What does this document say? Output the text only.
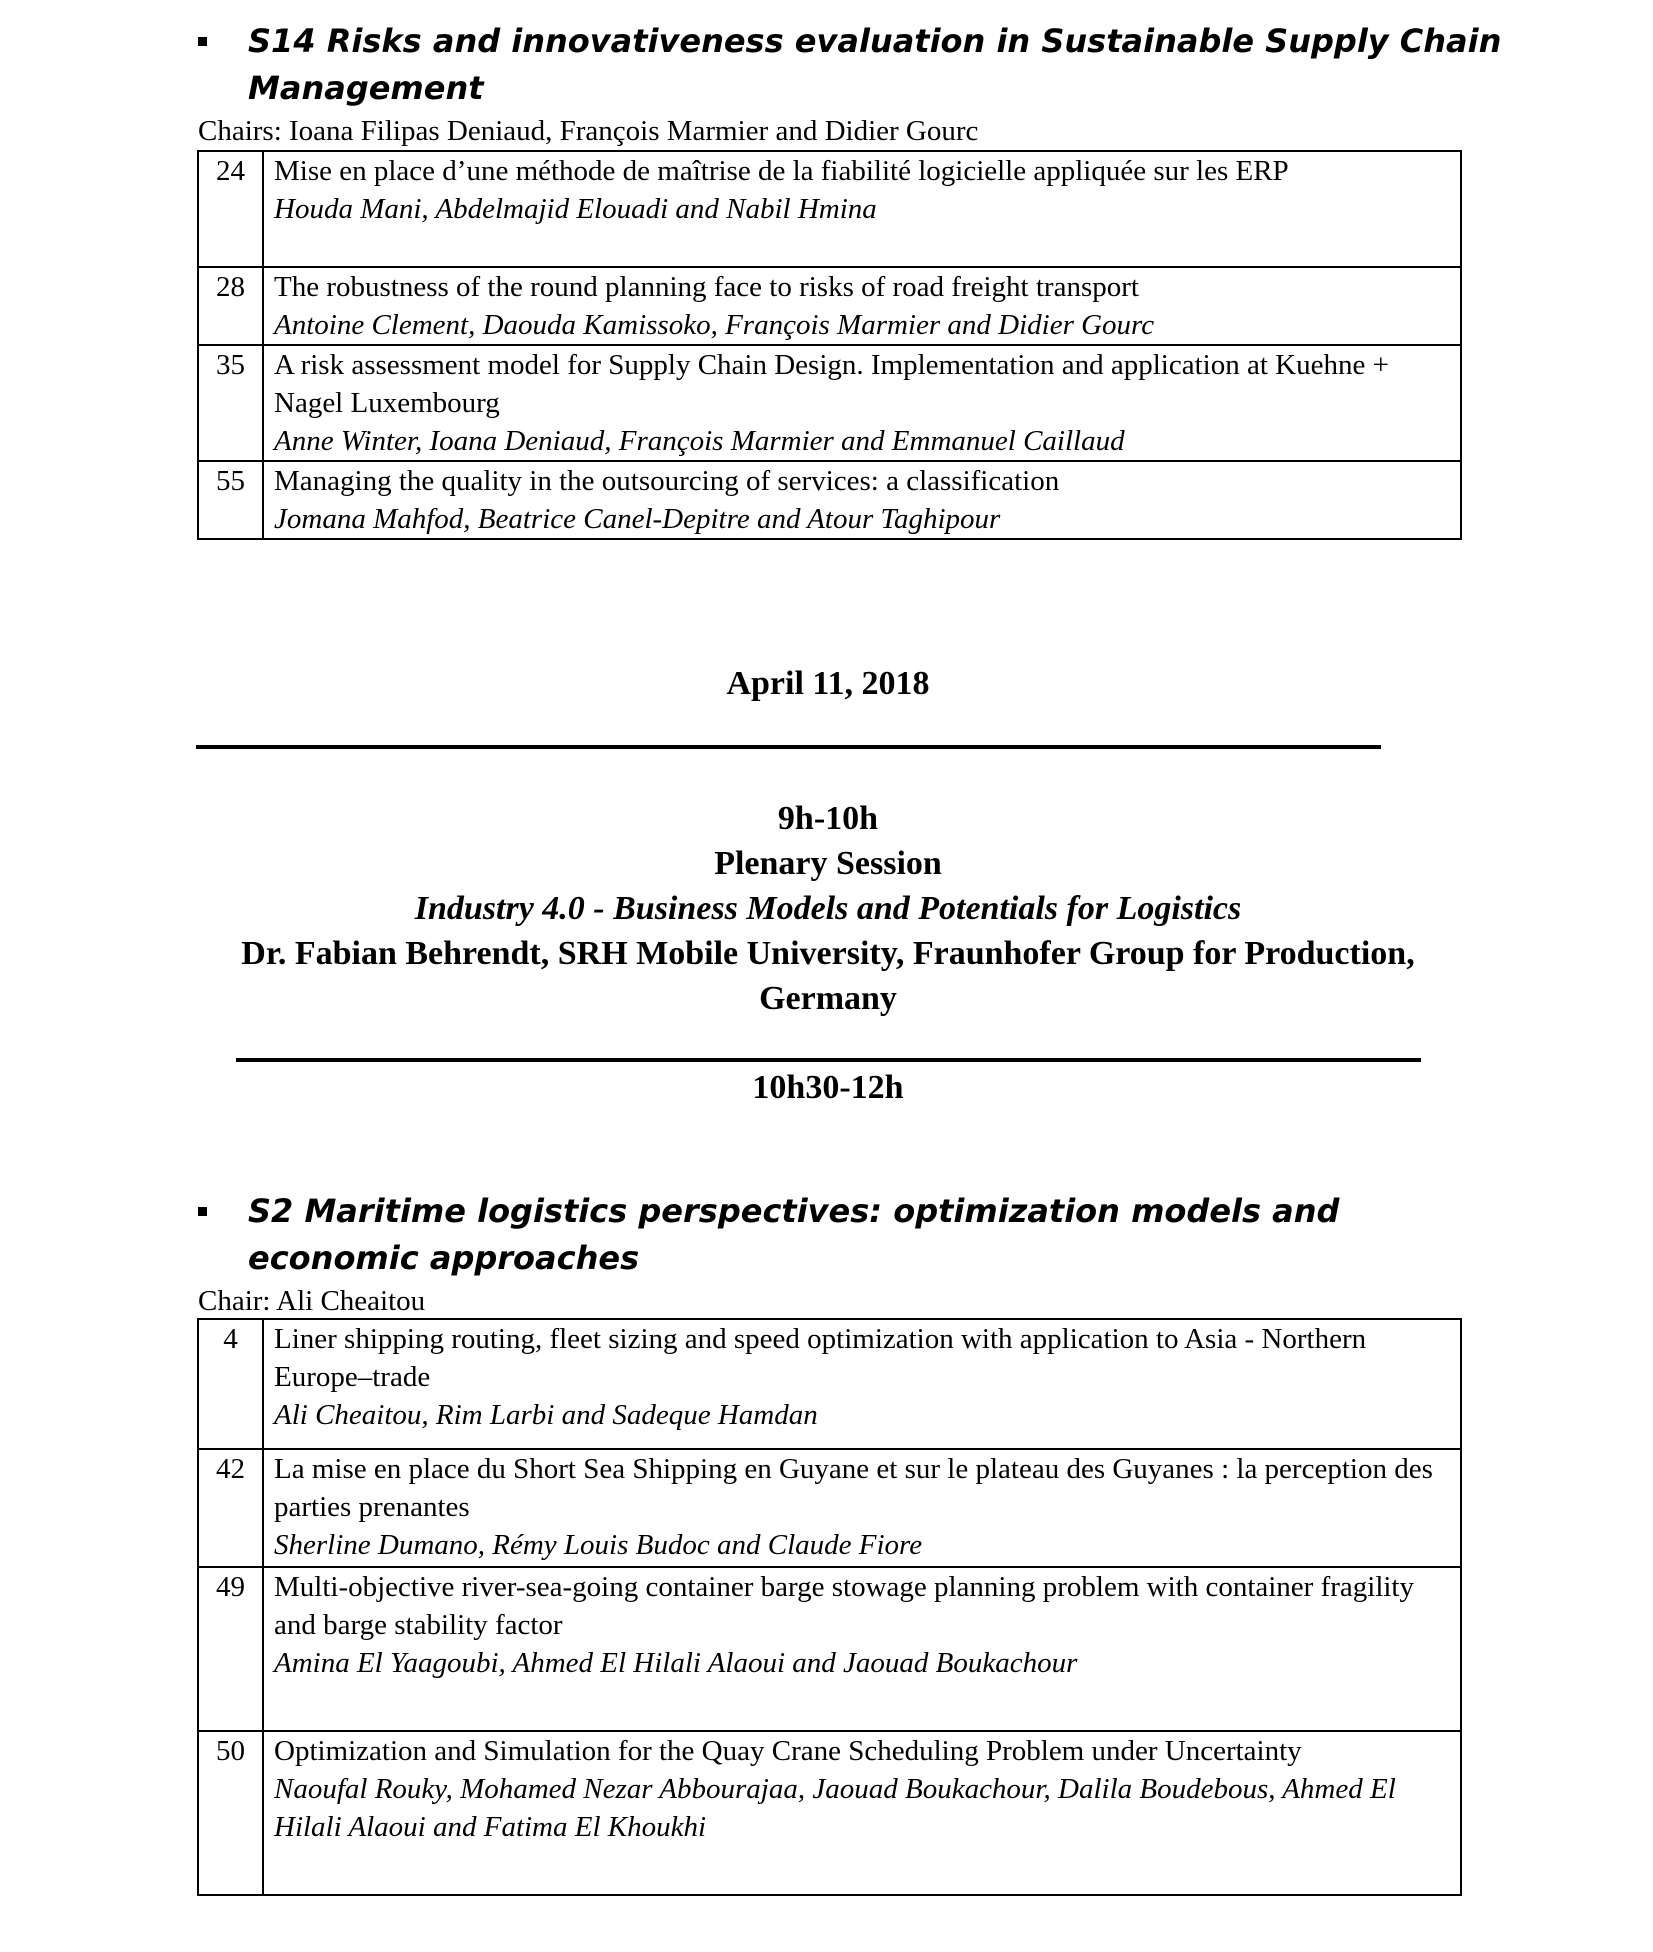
S14 Risks and innovativeness evaluation in Sustainable Supply Chain Management
Chairs: Ioana Filipas Deniaud, François Marmier and Didier Gourc
24	Mise en place d’une méthode de maîtrise de la fiabilité logicielle appliquée sur les ERP
Houda Mani, Abdelmajid Elouadi and Nabil Hmina

28	The robustness of the round planning face to risks of road freight transport
Antoine Clement, Daouda Kamissoko, François Marmier and Didier Gourc

35	A risk assessment model for Supply Chain Design. Implementation and application at Kuehne + Nagel Luxembourg
Anne Winter, Ioana Deniaud, François Marmier and Emmanuel Caillaud

55	Managing the quality in the outsourcing of services: a classification
Jomana Mahfod, Beatrice Canel-Depitre and Atour Taghipour
April 11, 2018
9h-10h
Plenary Session
Industry 4.0 - Business Models and Potentials for Logistics
Dr. Fabian Behrendt, SRH Mobile University, Fraunhofer Group for Production, Germany
10h30-12h
S2 Maritime logistics perspectives: optimization models and economic approaches
Chair: Ali Cheaitou
4	Liner shipping routing, fleet sizing and speed optimization with application to Asia - Northern Europe–trade
Ali Cheaitou, Rim Larbi and Sadeque Hamdan

42	La mise en place du Short Sea Shipping en Guyane et sur le plateau des Guyanes : la perception des parties prenantes
Sherline Dumano, Rémy Louis Budoc and Claude Fiore

49	Multi-objective river-sea-going container barge stowage planning problem with container fragility and barge stability factor
Amina El Yaagoubi, Ahmed El Hilali Alaoui and Jaouad Boukachour

50	Optimization and Simulation for the Quay Crane Scheduling Problem under Uncertainty
Naoufal Rouky, Mohamed Nezar Abbourajaa, Jaouad Boukachour, Dalila Boudebous, Ahmed El Hilali Alaoui and Fatima El Khoukhi
